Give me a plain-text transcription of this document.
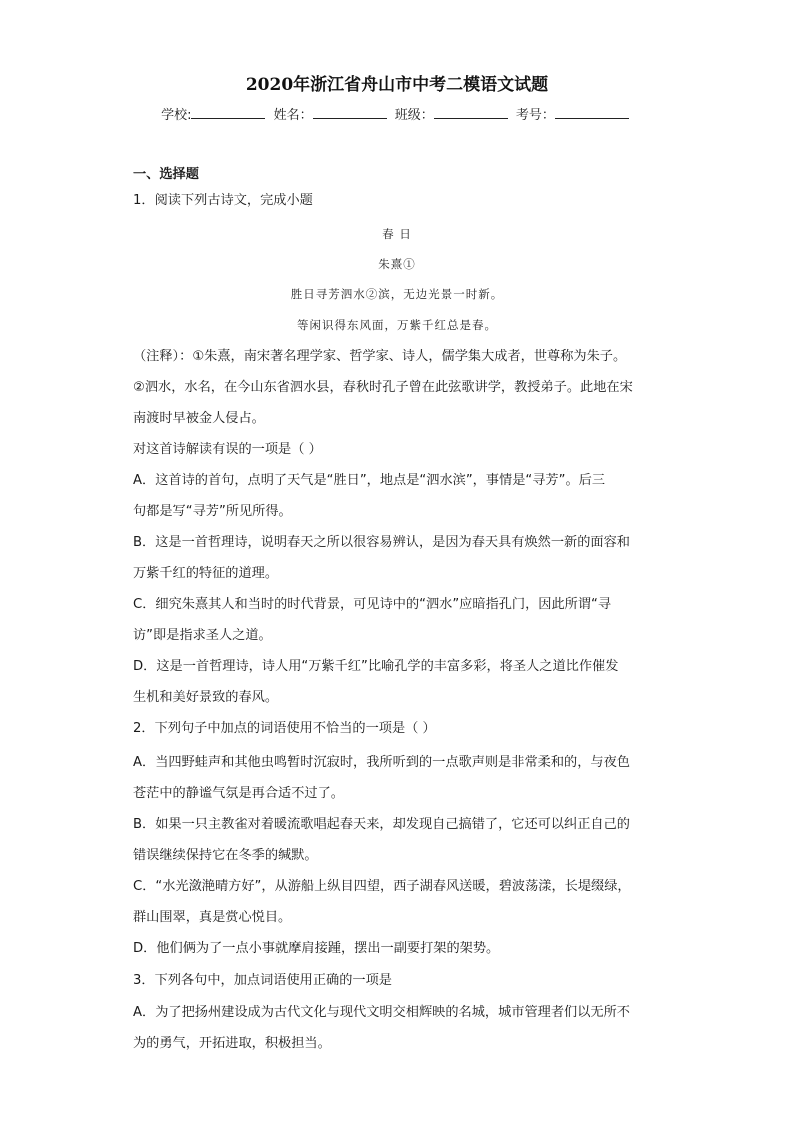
2020年浙江省舟山市中考二模语文试题
学校:	姓名：	班级：	考号：
一、选择题
1．阅读下列古诗文，完成小题
春 日
朱熹①
胜日寻芳泗水②滨，无边光景一时新。
等闲识得东风面，万紫千红总是春。
（注释）：①朱熹，南宋著名理学家、哲学家、诗人，儒学集大成者，世尊称为朱子。
②泗水，水名，在今山东省泗水县，春秋时孔子曾在此弦歌讲学，教授弟子。此地在宋
南渡时早被金人侵占。
对这首诗解读有误的一项是（ ）
A．这首诗的首句，点明了天气是“胜日”，地点是“泗水滨”，事情是“寻芳”。后三
句都是写“寻芳”所见所得。
B．这是一首哲理诗，说明春天之所以很容易辨认，是因为春天具有焕然一新的面容和
万紫千红的特征的道理。
C．细究朱熹其人和当时的时代背景，可见诗中的“泗水”应暗指孔门，因此所谓“寻
访”即是指求圣人之道。
D．这是一首哲理诗，诗人用“万紫千红”比喻孔学的丰富多彩，将圣人之道比作催发
生机和美好景致的春风。
2．下列句子中加点的词语使用不恰当的一项是（ ）
A．当四野蛙声和其他虫鸣暂时沉寂时，我所听到的一点歌声则是非常柔和的，与夜色
苍茫中的静谧气氛是再合适不过了。
B．如果一只主教雀对着暖流歌唱起春天来，却发现自己搞错了，它还可以纠正自己的
错误继续保持它在冬季的缄默。
C．“水光潋滟晴方好”，从游船上纵目四望，西子湖春风送暖，碧波荡漾，长堤缀绿，
群山围翠，真是赏心悦目。
D．他们俩为了一点小事就摩肩接踵，摆出一副要打架的架势。
3．下列各句中，加点词语使用正确的一项是
A．为了把扬州建设成为古代文化与现代文明交相辉映的名城，城市管理者们以无所不
为的勇气，开拓进取，积极担当。
